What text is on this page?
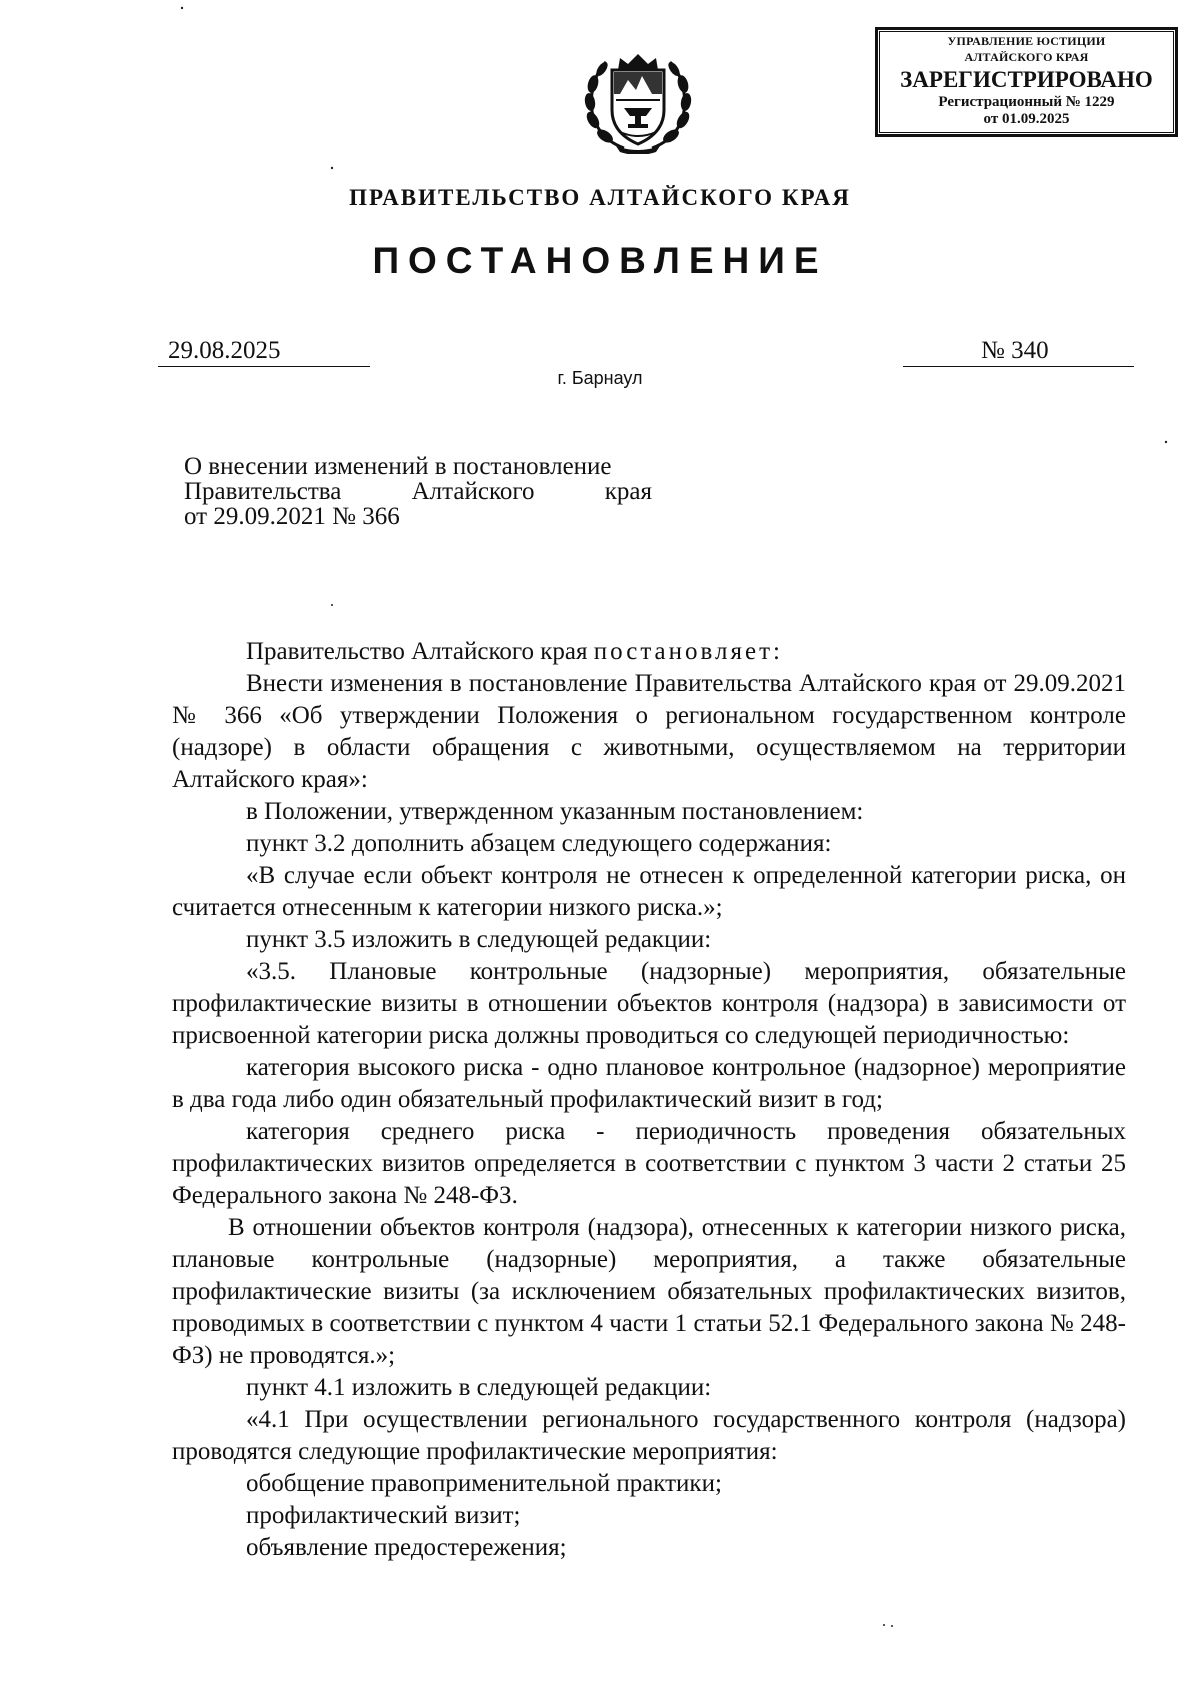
УПРАВЛЕНИЕ ЮСТИЦИИ
АЛТАЙСКОГО КРАЯ
ЗАРЕГИСТРИРОВАНО
Регистрационный № 1229
от 01.09.2025
ПРАВИТЕЛЬСТВО АЛТАЙСКОГО КРАЯ
ПОСТАНОВЛЕНИЕ
29.08.2025	№ 340
г. Барнаул
О внесении изменений в постановление
Правительства Алтайского края
от 29.09.2021 № 366

Правительство Алтайского края постановляет:

Внести изменения в постановление Правительства Алтайского края от 29.09.2021 № 366 «Об утверждении Положения о региональном государственном контроле (надзоре) в области обращения с животными, осуществляемом на территории Алтайского края»:

в Положении, утвержденном указанным постановлением:

пункт 3.2 дополнить абзацем следующего содержания:

«В случае если объект контроля не отнесен к определенной категории риска, он считается отнесенным к категории низкого риска.»;

пункт 3.5 изложить в следующей редакции:

«3.5. Плановые контрольные (надзорные) мероприятия, обязательные профилактические визиты в отношении объектов контроля (надзора) в зависимости от присвоенной категории риска должны проводиться со следующей периодичностью:

категория высокого риска - одно плановое контрольное (надзорное) мероприятие в два года либо один обязательный профилактический визит в год;

категория среднего риска - периодичность проведения обязательных профилактических визитов определяется в соответствии с пунктом 3 части 2 статьи 25 Федерального закона № 248-ФЗ.

В отношении объектов контроля (надзора), отнесенных к категории низкого риска, плановые контрольные (надзорные) мероприятия, а также обязательные профилактические визиты (за исключением обязательных профилактических визитов, проводимых в соответствии с пунктом 4 части 1 статьи 52.1 Федерального закона № 248-ФЗ) не проводятся.»;

пункт 4.1 изложить в следующей редакции:

«4.1 При осуществлении регионального государственного контроля (надзора) проводятся следующие профилактические мероприятия:

обобщение правоприменительной практики;

профилактический визит;

объявление предостережения;
